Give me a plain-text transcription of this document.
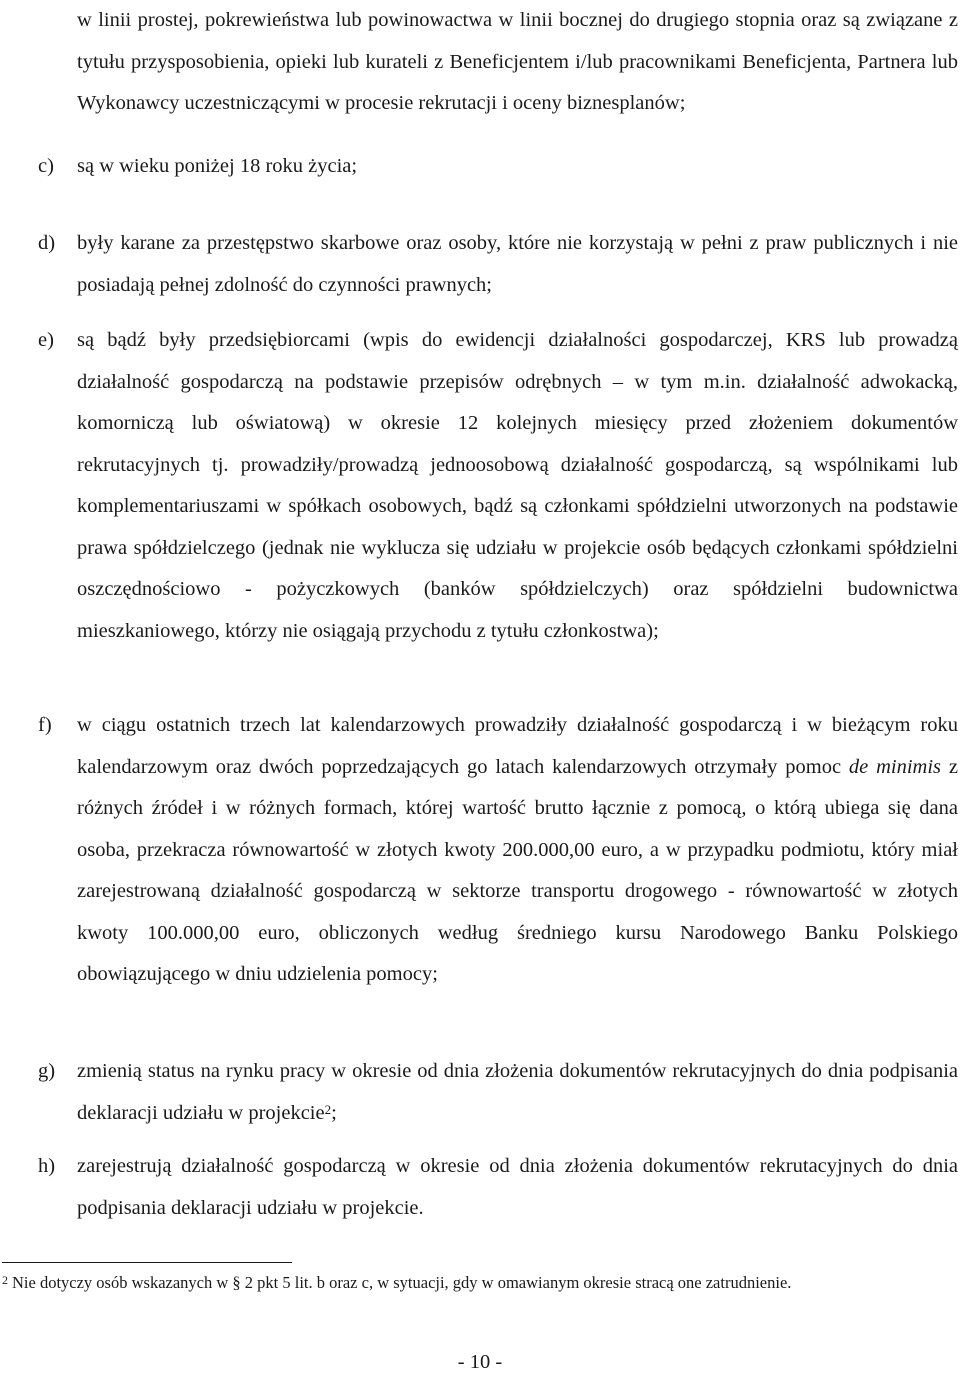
w linii prostej, pokrewieństwa lub powinowactwa w linii bocznej do drugiego stopnia oraz są związane z tytułu przysposobienia, opieki lub kurateli z Beneficjentem i/lub pracownikami Beneficjenta, Partnera lub Wykonawcy uczestniczącymi w procesie rekrutacji i oceny biznesplanów;

c) są w wieku poniżej 18 roku życia;
d) były karane za przestępstwo skarbowe oraz osoby, które nie korzystają w pełni z praw publicznych i nie posiadają pełnej zdolność do czynności prawnych;
e) są bądź były przedsiębiorcami (wpis do ewidencji działalności gospodarczej, KRS lub prowadzą działalność gospodarczą na podstawie przepisów odrębnych – w tym m.in. działalność adwokacką, komorniczą lub oświatową) w okresie 12 kolejnych miesięcy przed złożeniem dokumentów rekrutacyjnych tj. prowadziły/prowadzą jednoosobową działalność gospodarczą, są wspólnikami lub komplementariuszami w spółkach osobowych, bądź są członkami spółdzielni utworzonych na podstawie prawa spółdzielczego (jednak nie wyklucza się udziału w projekcie osób będących członkami spółdzielni oszczędnościowo - pożyczkowych (banków spółdzielczych) oraz spółdzielni budownictwa mieszkaniowego, którzy nie osiągają przychodu z tytułu członkostwa);
f) w ciągu ostatnich trzech lat kalendarzowych prowadziły działalność gospodarczą i w bieżącym roku kalendarzowym oraz dwóch poprzedzających go latach kalendarzowych otrzymały pomoc de minimis z różnych źródeł i w różnych formach, której wartość brutto łącznie z pomocą, o którą ubiega się dana osoba, przekracza równowartość w złotych kwoty 200.000,00 euro, a w przypadku podmiotu, który miał zarejestrowaną działalność gospodarczą w sektorze transportu drogowego - równowartość w złotych kwoty 100.000,00 euro, obliczonych według średniego kursu Narodowego Banku Polskiego obowiązującego w dniu udzielenia pomocy;
g) zmienią status na rynku pracy w okresie od dnia złożenia dokumentów rekrutacyjnych do dnia podpisania deklaracji udziału w projekcie$^2$;
h) zarejestrują działalność gospodarczą w okresie od dnia złożenia dokumentów rekrutacyjnych do dnia podpisania deklaracji udziału w projekcie.
$^2$ Nie dotyczy osób wskazanych w § 2 pkt 5 lit. b oraz c, w sytuacji, gdy w omawianym okresie stracą one zatrudnienie.
- 10 -
